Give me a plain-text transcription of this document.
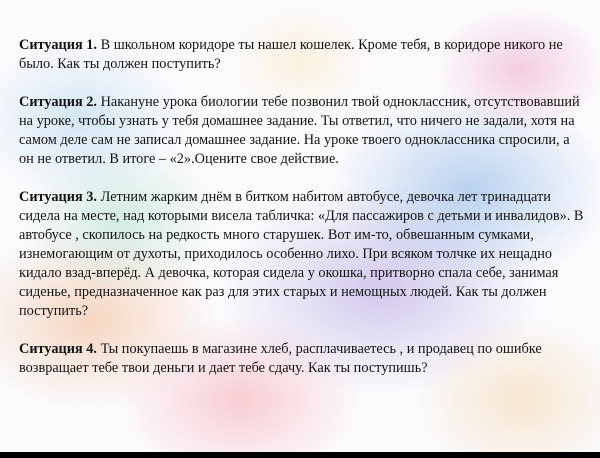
Ситуация 1. В школьном коридоре ты нашел кошелек. Кроме тебя, в коридоре никого не было. Как ты должен поступить?

Ситуация 2. Накануне урока биологии тебе позвонил твой одноклассник, отсутствовавший на уроке, чтобы узнать у тебя домашнее задание. Ты ответил, что ничего не задали, хотя на самом деле сам не записал домашнее задание. На уроке твоего одноклассника спросили, а он не ответил. В итоге – «2».Оцените свое действие.

Ситуация 3. Летним жарким днём в битком набитом автобусе, девочка лет тринадцати сидела на месте, над которыми висела табличка: «Для пассажиров с детьми и инвалидов». В автобусе , скопилось на редкость много старушек. Вот им-то, обвешанным сумками, изнемогающим от духоты, приходилось особенно лихо. При всяком толчке их нещадно кидало взад-вперёд. А девочка, которая сидела у окошка, притворно спала себе, занимая сиденье, предназначенное как раз для этих старых и немощных людей. Как ты должен поступить?

Ситуация 4. Ты покупаешь в магазине хлеб, расплачиваетесь , и продавец по ошибке возвращает тебе твои деньги и дает тебе сдачу. Как ты поступишь?
